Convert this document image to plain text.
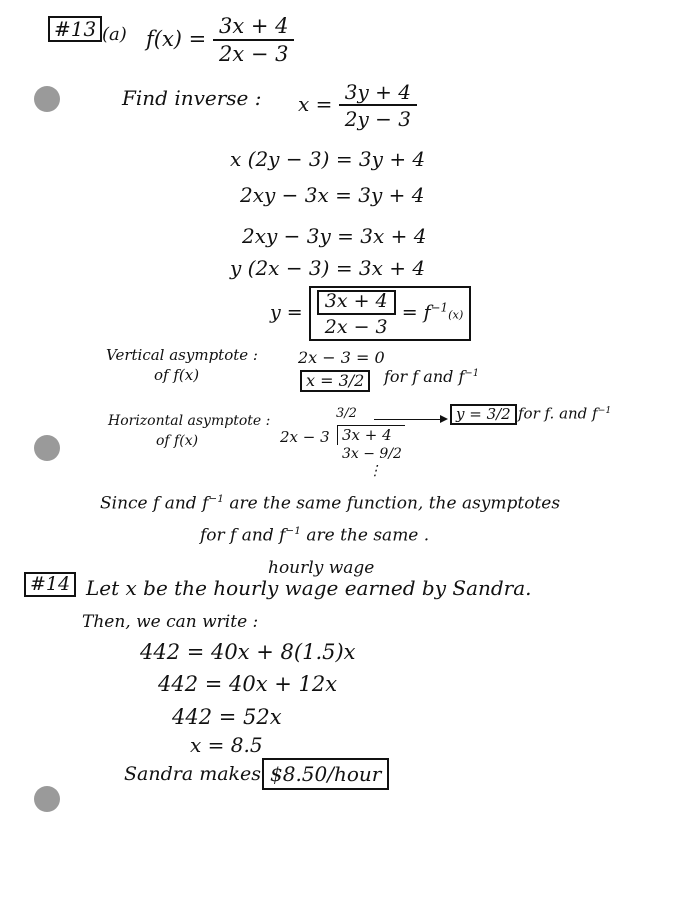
#13 (a) $f(x) = \frac{3x + 4}{2x - 3}$
Find inverse : $x = \frac{3y + 4}{2y - 3}$
x (2y − 3) = 3y + 4
2xy − 3x = 3y + 4
2xy − 3y = 3x + 4
y (2x − 3) = 3x + 4
$y = \frac{3x + 4}{2x - 3} = f^{-1}(x)$
Vertical asymptote :
of f(x)
2x − 3 = 0
x = 3/2	for f and $f^{-1}$
Horizontal asymptote :
of f(x)
3/2
2x − 3 3x + 4
3x − 9/2
⋮
y = 3/2 for f. and $f^{-1}$
Since f and $f^{-1}$ are the same function, the asymptotes
for f and $f^{-1}$ are the same .
hourly wage
#14 Let x be the hourly wage earned by Sandra.
Then, we can write :
442 = 40x + 8(1.5)x
442 = 40x + 12x
442 = 52x
x = 8.5
Sandra makes $8.50/hour
